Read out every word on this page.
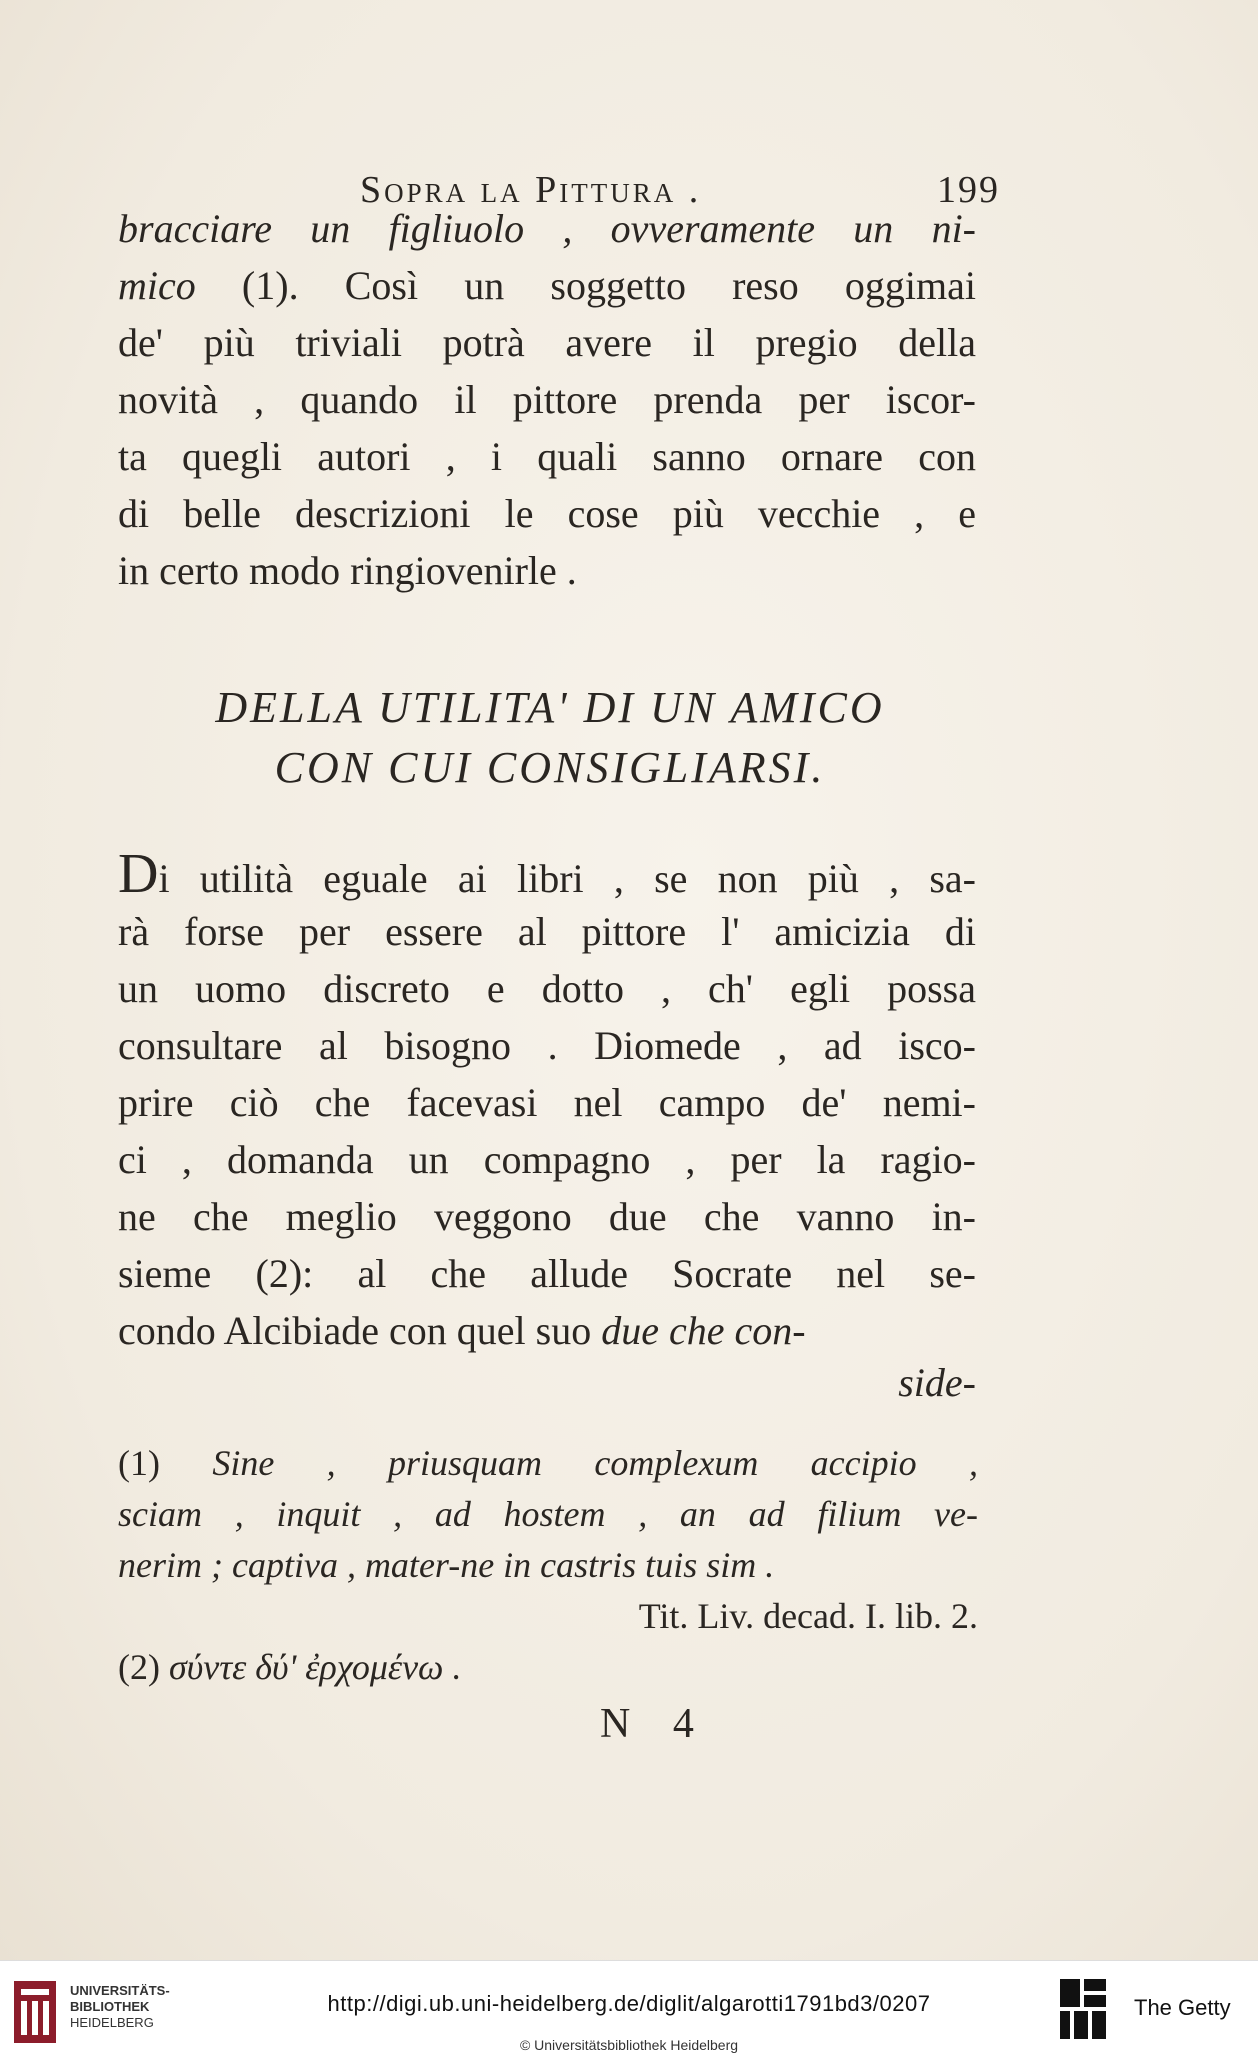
Sopra la Pittura .	199
bracciare un figliuolo , ovveramente un ni-
mico (1). Così un soggetto reso oggimai
de' più triviali potrà avere il pregio della
novità , quando il pittore prenda per iscor-
ta quegli autori , i quali sanno ornare con
di belle descrizioni le cose più vecchie , e
in certo modo ringiovenirle .
DELLA UTILITA' DI UN AMICO
CON CUI CONSIGLIARSI.
Di utilità eguale ai libri , se non più , sa-
rà forse per essere al pittore l' amicizia di
un uomo discreto e dotto , ch' egli possa
consultare al bisogno . Diomede , ad isco-
prire ciò che facevasi nel campo de' nemi-
ci , domanda un compagno , per la ragio-
ne che meglio veggono due che vanno in-
sieme (2): al che allude Socrate nel se-
condo Alcibiade con quel suo due che con-
side-
(1) Sine , priusquam complexum accipio ,
sciam , inquit , ad hostem , an ad filium ve-
nerim ; captiva , mater-ne in castris tuis sim .
Tit. Liv. decad. I. lib. 2.
(2) σύντε δύ' ἐρχομένω .
N 4
UNIVERSITÄTS-
BIBLIOTHEK
HEIDELBERG
http://digi.ub.uni-heidelberg.de/diglit/algarotti1791bd3/0207
© Universitätsbibliothek Heidelberg
The Getty
